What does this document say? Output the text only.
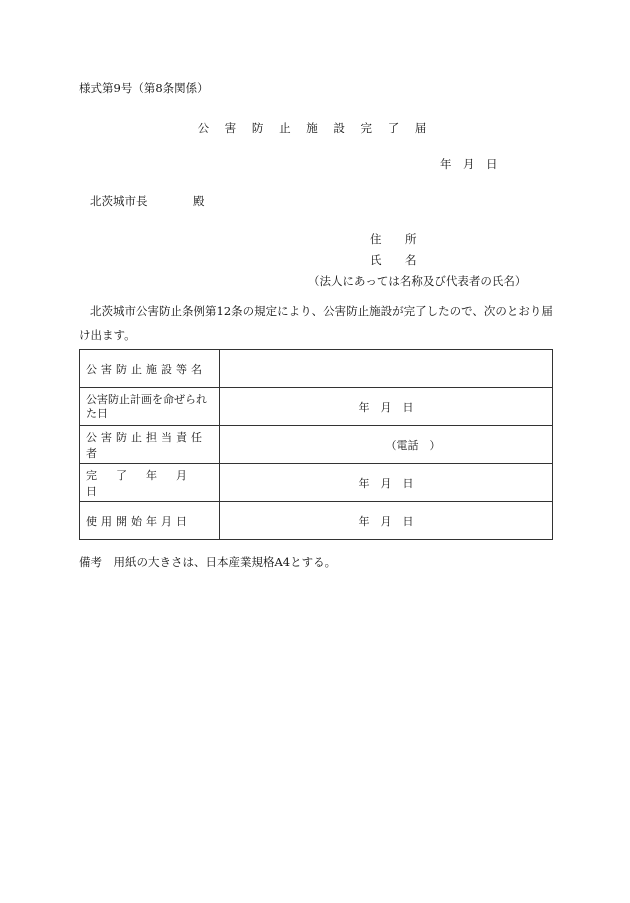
様式第9号（第8条関係）
公 害 防 止 施 設 完 了 届
年　月　日
北茨城市長	殿
住　所
氏　名
（法人にあっては名称及び代表者の氏名）
北茨城市公害防止条例第12条の規定により、公害防止施設が完了したので、次のとおり届け出ます。
公害防止施設等名	
公害防止計画を命ぜられた日	年　月　日
公害防止担当責任者	（電話　）
完　了　年　月　日	年　月　日
使用開始年月日	年　月　日
備考　用紙の大きさは、日本産業規格A4とする。
